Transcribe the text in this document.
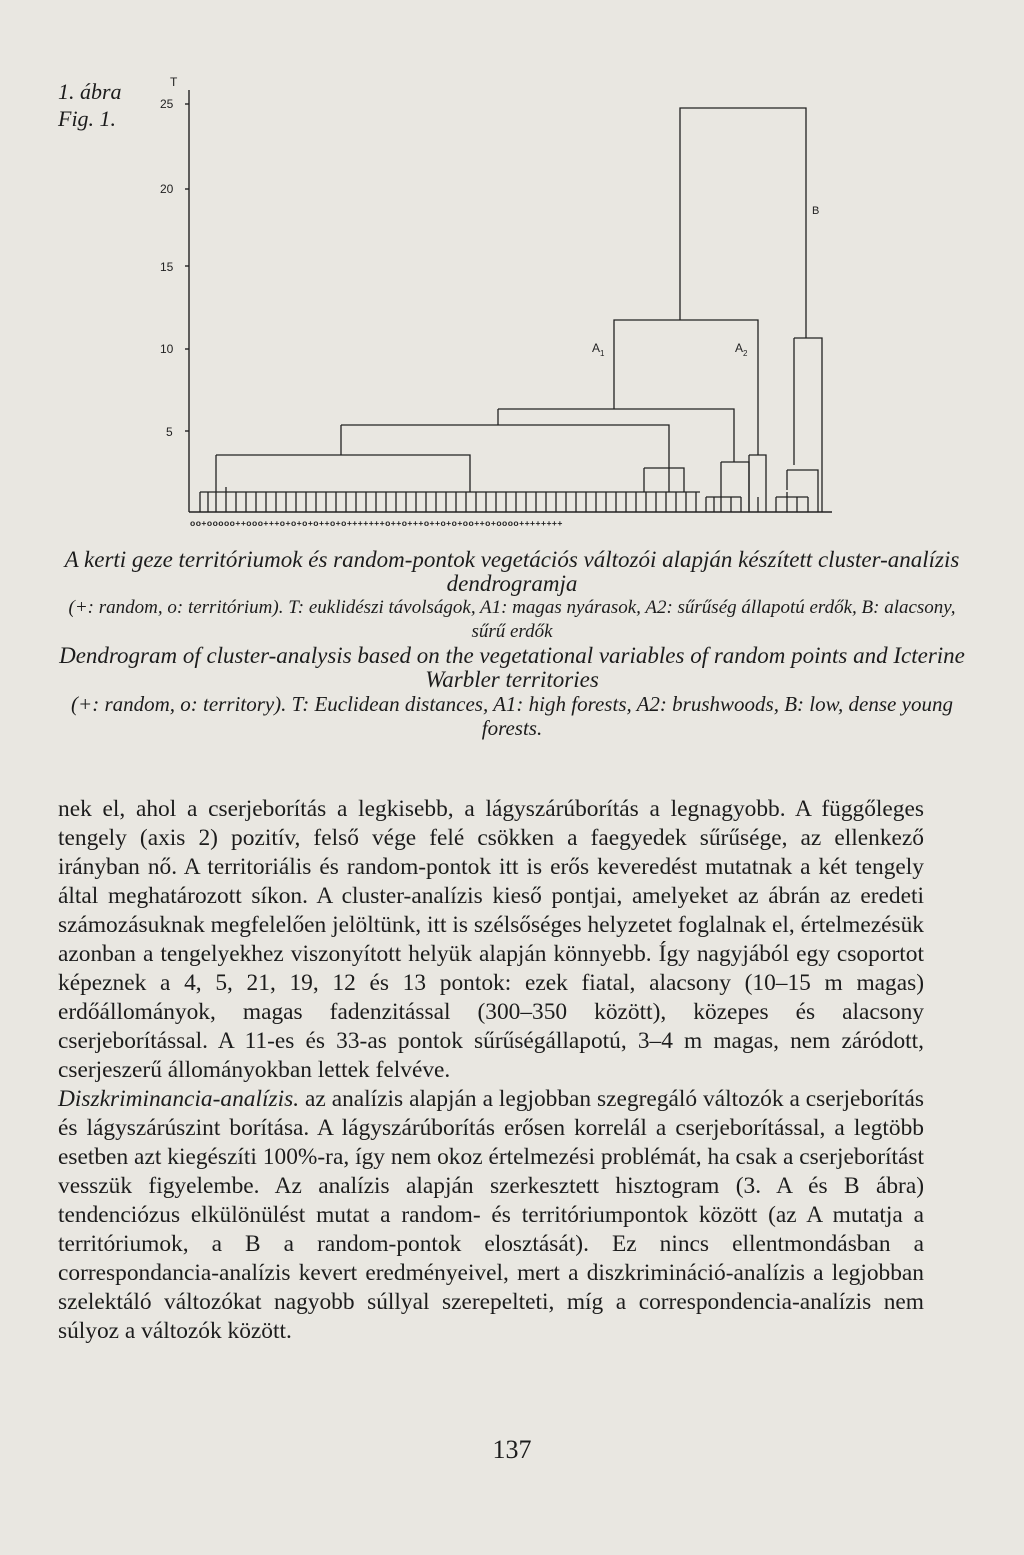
1. ábra
Fig. 1.
T
25
20
15
10
5
$A_1$	$A_2$
B
oo+ooooo++ooo+++o+o+o+o++o+o+++++++o++o+++o++o+o+oo++o+oooo++++++++
A kerti geze territóriumok és random-pontok vegetációs változói alapján készített cluster-analízis dendrogramja
(+: random, o: territórium). T: euklidészi távolságok, A1: magas nyárasok, A2: sűrűség állapotú erdők, B: alacsony, sűrű erdők
Dendrogram of cluster-analysis based on the vegetational variables of random points and Icterine Warbler territories
(+: random, o: territory). T: Euclidean distances, A1: high forests, A2: brushwoods, B: low, dense young forests.

nek el, ahol a cserjeborítás a legkisebb, a lágyszárúborítás a legnagyobb. A függőleges tengely (axis 2) pozitív, felső vége felé csökken a faegyedek sűrűsége, az ellenkező irányban nő. A territoriális és random-pontok itt is erős keveredést mutatnak a két tengely által meghatározott síkon. A cluster-analízis kieső pontjai, amelyeket az ábrán az eredeti számozásuknak megfelelően jelöltünk, itt is szélsőséges helyzetet foglalnak el, értelmezésük azonban a tengelyekhez viszonyított helyük alapján könnyebb. Így nagyjából egy csoportot képeznek a 4, 5, 21, 19, 12 és 13 pontok: ezek fiatal, alacsony (10–15 m magas) erdőállományok, magas fadenzitással (300–350 között), közepes és alacsony cserjeborítással. A 11-es és 33-as pontok sűrűségállapotú, 3–4 m magas, nem záródott, cserjeszerű állományokban lettek felvéve.

Diszkriminancia-analízis. az analízis alapján a legjobban szegregáló változók a cserjeborítás és lágyszárúszint borítása. A lágyszárúborítás erősen korrelál a cserjeborítással, a legtöbb esetben azt kiegészíti 100%-ra, így nem okoz értelmezési problémát, ha csak a cserjeborítást vesszük figyelembe. Az analízis alapján szerkesztett hisztogram (3. A és B ábra) tendenciózus elkülönülést mutat a random- és territóriumpontok között (az A mutatja a territóriumok, a B a random-pontok elosztását). Ez nincs ellentmondásban a correspondancia-analízis kevert eredményeivel, mert a diszkrimináció-analízis a legjobban szelektáló változókat nagyobb súllyal szerepelteti, míg a correspondencia-analízis nem súlyoz a változók között.

137
